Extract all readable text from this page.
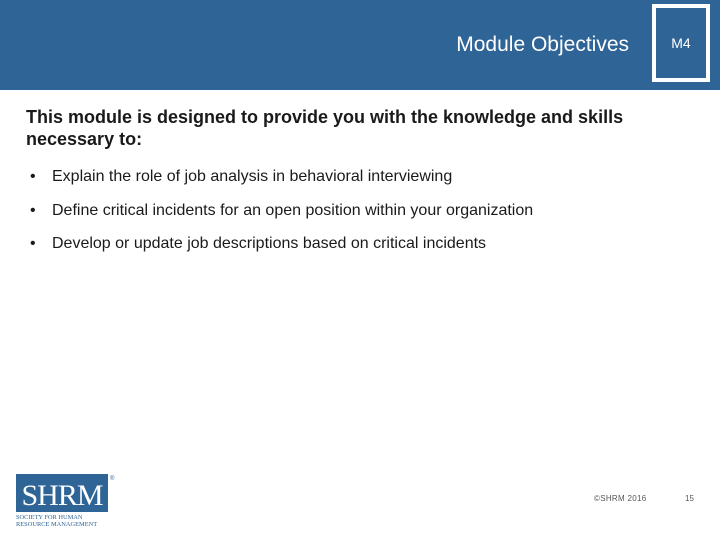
Module Objectives	M4
This module is designed to provide you with the knowledge and skills necessary to:
• Explain the role of job analysis in behavioral interviewing
• Define critical incidents for an open position within your organization
• Develop or update job descriptions based on critical incidents
SHRM ®
SOCIETY FOR HUMAN
RESOURCE MANAGEMENT
©SHRM 2016	15
